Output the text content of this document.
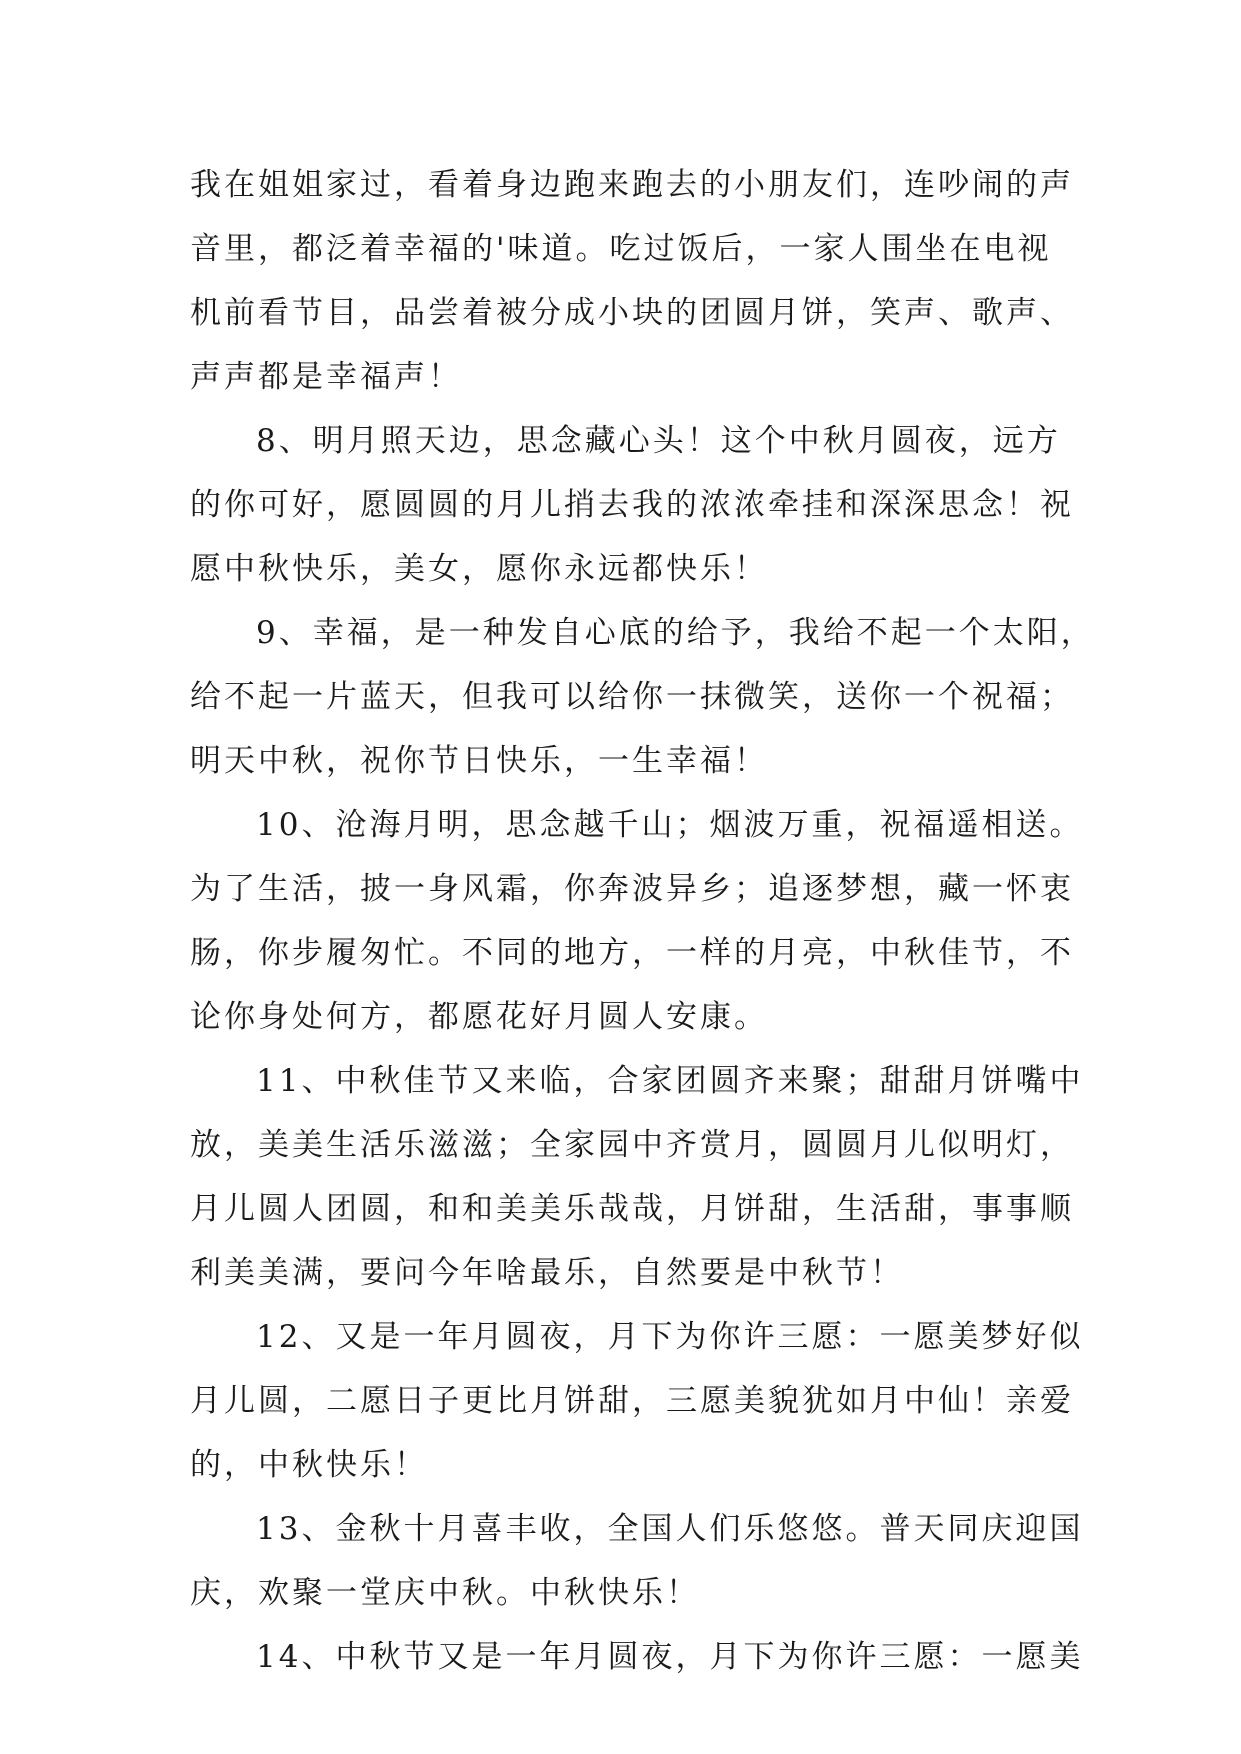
我在姐姐家过，看着身边跑来跑去的小朋友们，连吵闹的声
音里，都泛着幸福的'味道。吃过饭后，一家人围坐在电视
机前看节目，品尝着被分成小块的团圆月饼，笑声、歌声、
声声都是幸福声！
8、明月照天边，思念藏心头！这个中秋月圆夜，远方
的你可好，愿圆圆的月儿捎去我的浓浓牵挂和深深思念！祝
愿中秋快乐，美女，愿你永远都快乐！
9、幸福，是一种发自心底的给予，我给不起一个太阳，
给不起一片蓝天，但我可以给你一抹微笑，送你一个祝福；
明天中秋，祝你节日快乐，一生幸福！
10、沧海月明，思念越千山；烟波万重，祝福遥相送。
为了生活，披一身风霜，你奔波异乡；追逐梦想，藏一怀衷
肠，你步履匆忙。不同的地方，一样的月亮，中秋佳节，不
论你身处何方，都愿花好月圆人安康。
11、中秋佳节又来临，合家团圆齐来聚；甜甜月饼嘴中
放，美美生活乐滋滋；全家园中齐赏月，圆圆月儿似明灯，
月儿圆人团圆，和和美美乐哉哉，月饼甜，生活甜，事事顺
利美美满，要问今年啥最乐，自然要是中秋节！
12、又是一年月圆夜，月下为你许三愿：一愿美梦好似
月儿圆，二愿日子更比月饼甜，三愿美貌犹如月中仙！亲爱
的，中秋快乐！
13、金秋十月喜丰收，全国人们乐悠悠。普天同庆迎国
庆，欢聚一堂庆中秋。中秋快乐！
14、中秋节又是一年月圆夜，月下为你许三愿：一愿美
